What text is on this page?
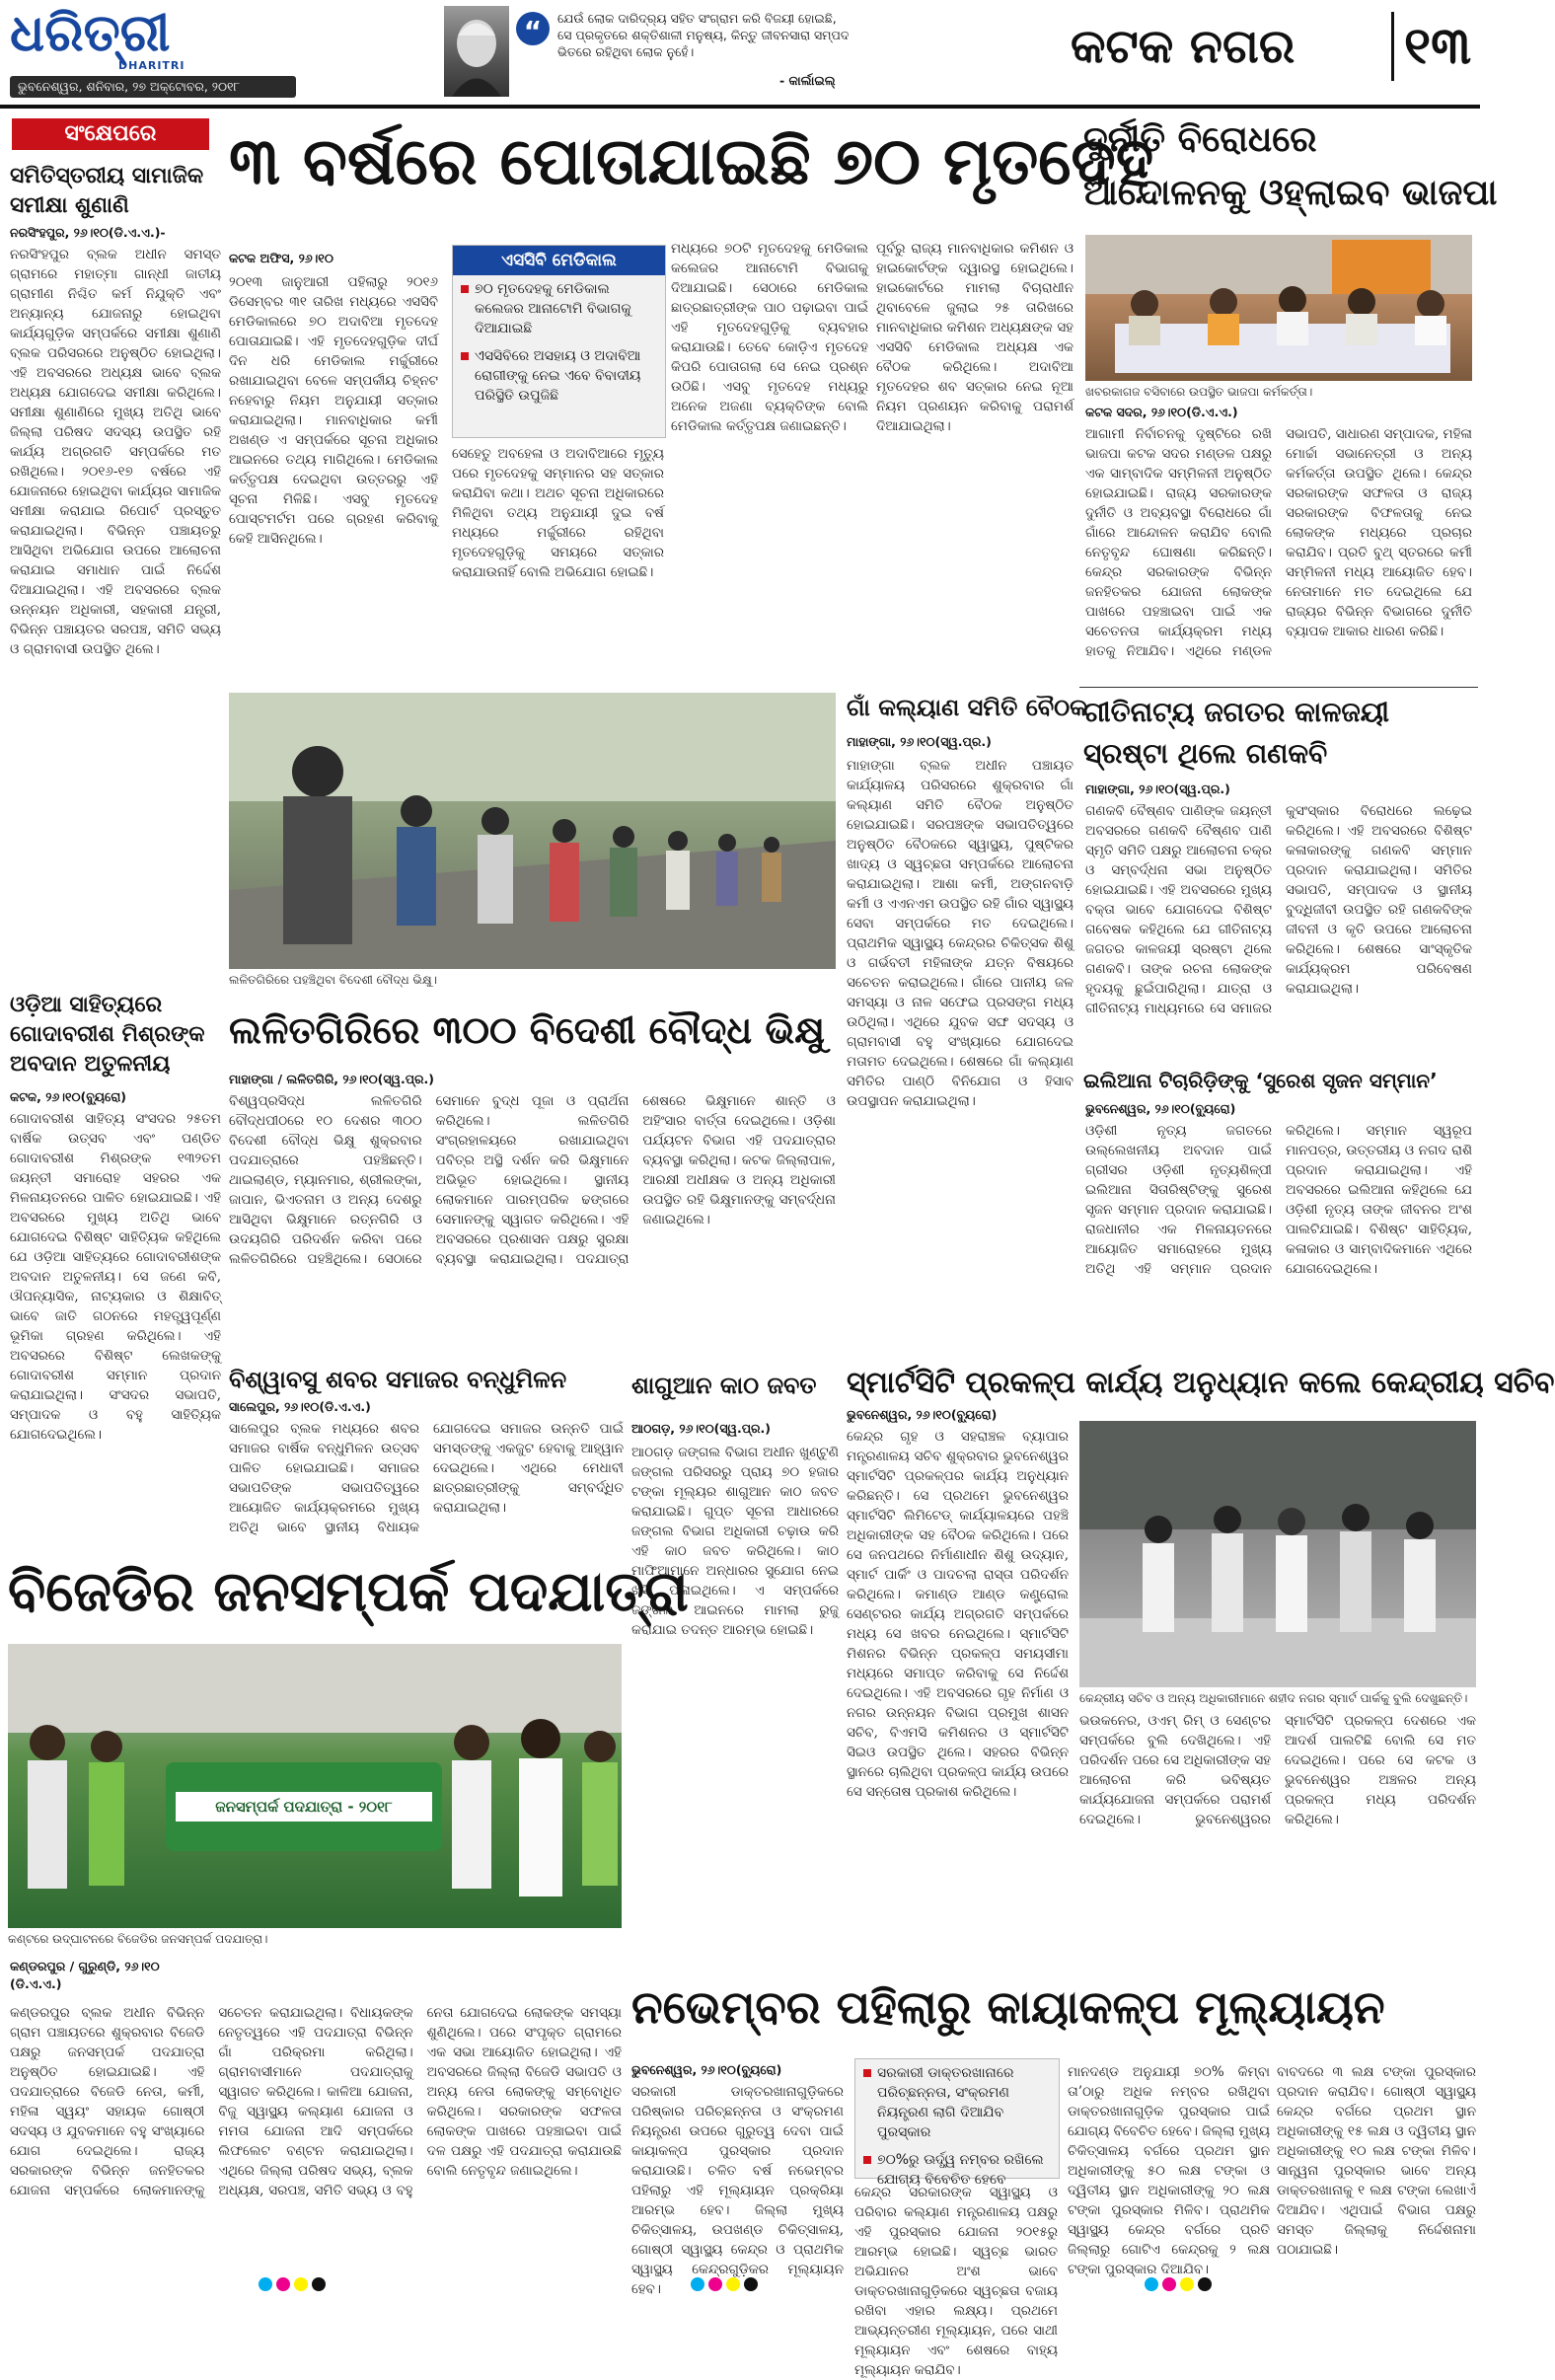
ଧରିତ୍ରୀ
DHARITRI
ଭୁବନେଶ୍ୱର, ଶନିବାର, ୨୭ ଅକ୍ଟୋବର, ୨୦୧୮
“	ଯେଉଁ ଲୋକ ଦାରିଦ୍ର୍ୟ ସହିତ ସଂଗ୍ରାମ କରି ବିଜୟୀ ହୋଇଛି, ସେ ପ୍ରକୃତରେ ଶକ୍ତିଶାଳୀ ମନୁଷ୍ୟ, କିନ୍ତୁ ଜୀବନସାରା ସମ୍ପଦ ଭିତରେ ରହିଥିବା ଲୋକ ନୁହେଁ।
- କାର୍ଲାଇଲ୍
କଟକ ନଗର ୧୩
ସଂକ୍ଷେପରେ
ସମିତିସ୍ତରୀୟ ସାମାଜିକ ସମୀକ୍ଷା ଶୁଣାଣି
ନରସିଂହପୁର, ୨୬।୧୦(ଡି.ଏ.ଏ.)-
ନରସିଂହପୁର ବ୍ଲକ ଅଧୀନ ସମସ୍ତ ଗ୍ରାମରେ ମହାତ୍ମା ଗାନ୍ଧୀ ଜାତୀୟ ଗ୍ରାମୀଣ ନିଶ୍ଚିତ କର୍ମ ନିଯୁକ୍ତି ଏବଂ ଅନ୍ୟାନ୍ୟ ଯୋଜନାରୁ ହୋଇଥିବା କାର୍ଯ୍ୟଗୁଡ଼ିକ ସମ୍ପର୍କରେ ସମୀକ୍ଷା ଶୁଣାଣି ବ୍ଲକ ପରିସରରେ ଅନୁଷ୍ଠିତ ହୋଇଥିଲା। ଏହି ଅବସରରେ ଅଧ୍ୟକ୍ଷ ଭାବେ ବ୍ଲକ ଅଧ୍ୟକ୍ଷ ଯୋଗଦେଇ ସମୀକ୍ଷା କରିଥିଲେ। ସମୀକ୍ଷା ଶୁଣାଣିରେ ମୁଖ୍ୟ ଅତିଥି ଭାବେ ଜିଲ୍ଲା ପରିଷଦ ସଦସ୍ୟ ଉପସ୍ଥିତ ରହି କାର୍ଯ୍ୟ ଅଗ୍ରଗତି ସମ୍ପର୍କରେ ମତ ରଖିଥିଲେ। ୨୦୧୬-୧୭ ବର୍ଷରେ ଏହି ଯୋଜନାରେ ହୋଇଥିବା କାର୍ଯ୍ୟର ସାମାଜିକ ସମୀକ୍ଷା କରାଯାଇ ରିପୋର୍ଟ ପ୍ରସ୍ତୁତ କରାଯାଇଥିଲା। ବିଭିନ୍ନ ପଞ୍ଚାୟତରୁ ଆସିଥିବା ଅଭିଯୋଗ ଉପରେ ଆଲୋଚନା କରାଯାଇ ସମାଧାନ ପାଇଁ ନିର୍ଦ୍ଦେଶ ଦିଆଯାଇଥିଲା। ଏହି ଅବସରରେ ବ୍ଲକ ଉନ୍ନୟନ ଅଧିକାରୀ, ସହକାରୀ ଯନ୍ତ୍ରୀ, ବିଭିନ୍ନ ପଞ୍ଚାୟତର ସରପଞ୍ଚ, ସମିତି ସଭ୍ୟ ଓ ଗ୍ରାମବାସୀ ଉପସ୍ଥିତ ଥିଲେ।
୩ ବର୍ଷରେ ପୋତାଯାଇଛି ୭୦ ମୃତଦେହ
କଟକ ଅଫିସ, ୨୬।୧୦
୨୦୧୩ ଜାନୁଆରୀ ପହିଲାରୁ ୨୦୧୬ ଡିସେମ୍ବର ୩୧ ତାରିଖ ମଧ୍ୟରେ ଏସସିବି ମେଡିକାଲରେ ୭୦ ଅଦାବିଆ ମୃତଦେହ ପୋତାଯାଇଛି। ଏହି ମୃତଦେହଗୁଡ଼ିକ ଦୀର୍ଘ ଦିନ ଧରି ମେଡିକାଲ ମର୍ଚ୍ଚୁରୀରେ ରଖାଯାଇଥିବା ବେଳେ ସମ୍ପର୍କୀୟ ଚିହ୍ନଟ ନହେବାରୁ ନିୟମ ଅନୁଯାୟୀ ସତ୍କାର କରାଯାଇଥିଲା। ମାନବାଧିକାର କର୍ମୀ ଅଖଣ୍ଡ ଏ ସମ୍ପର୍କରେ ସୂଚନା ଅଧିକାର ଆଇନରେ ତଥ୍ୟ ମାଗିଥିଲେ। ମେଡିକାଲ କର୍ତ୍ତୃପକ୍ଷ ଦେଇଥିବା ଉତ୍ତରରୁ ଏହି ସୂଚନା ମିଳିଛି। ଏସବୁ ମୃତଦେହ ପୋସ୍ଟମର୍ଟମ ପରେ ଗ୍ରହଣ କରିବାକୁ କେହି ଆସିନଥିଲେ।
ଏସସିବି ମେଡିକାଲ
୭୦ ମୃତଦେହକୁ ମେଡିକାଲ କଲେଜର ଆନାଟୋମି ବିଭାଗକୁ ଦିଆଯାଇଛି
ଏସସିବିରେ ଅସହାୟ ଓ ଅଦାବିଆ ରୋଗୀଙ୍କୁ ନେଇ ଏବେ ବିବାଦୀୟ ପରିସ୍ଥିତି ଉପୁଜିଛି
ସେହେତୁ ଅବହେଳା ଓ ଅଦାବିଆରେ ମୃତ୍ୟୁ ପରେ ମୃତଦେହକୁ ସମ୍ମାନର ସହ ସତ୍କାର କରାଯିବା କଥା। ଅଥଚ ସୂଚନା ଅଧିକାରରେ ମିଳିଥିବା ତଥ୍ୟ ଅନୁଯାୟୀ ଦୁଇ ବର୍ଷ ମଧ୍ୟରେ ମର୍ଚ୍ଚୁରୀରେ ରହିଥିବା ମୃତଦେହଗୁଡ଼ିକୁ ସମୟରେ ସତ୍କାର କରାଯାଉନାହିଁ ବୋଲି ଅଭିଯୋଗ ହୋଇଛି।
ମଧ୍ୟରେ ୭୦ଟି ମୃତଦେହକୁ ମେଡିକାଲ କଲେଜର ଆନାଟୋମି ବିଭାଗକୁ ଦିଆଯାଇଛି। ସେଠାରେ ମେଡିକାଲ ଛାତ୍ରଛାତ୍ରୀଙ୍କ ପାଠ ପଢ଼ାଇବା ପାଇଁ ଏହି ମୃତଦେହଗୁଡ଼ିକୁ ବ୍ୟବହାର କରାଯାଉଛି। ତେବେ କୋଡ଼ିଏ ମୃତଦେହ କିପରି ପୋତାଗଲା ସେ ନେଇ ପ୍ରଶ୍ନ ଉଠିଛି। ଏସବୁ ମୃତଦେହ ମଧ୍ୟରୁ ଅନେକ ଅଜଣା ବ୍ୟକ୍ତିଙ୍କ ବୋଲି ମେଡିକାଲ କର୍ତ୍ତୃପକ୍ଷ ଜଣାଇଛନ୍ତି।
ପୂର୍ବରୁ ରାଜ୍ୟ ମାନବାଧିକାର କମିଶନ ଓ ହାଇକୋର୍ଟଙ୍କ ଦ୍ୱାରସ୍ଥ ହୋଇଥିଲେ। ହାଇକୋର୍ଟରେ ମାମଲା ବିଚାରାଧୀନ ଥିବାବେଳେ ଜୁଲାଇ ୨୫ ତାରିଖରେ ମାନବାଧିକାର କମିଶନ ଅଧ୍ୟକ୍ଷଙ୍କ ସହ ଏସସିବି ମେଡିକାଲ ଅଧ୍ୟକ୍ଷ ଏକ ବୈଠକ କରିଥିଲେ। ଅଦାବିଆ ମୃତଦେହର ଶବ ସତ୍କାର ନେଇ ନୂଆ ନିୟମ ପ୍ରଣୟନ କରିବାକୁ ପରାମର୍ଶ ଦିଆଯାଇଥିଲା।
ଦୁର୍ନୀତି ବିରୋଧରେ
ଆନ୍ଦୋଳନକୁ ଓହ୍ଲାଇବ ଭାଜପା
ଖବରକାଗଜ ବସିବାରେ ଉପସ୍ଥିତ ଭାଜପା କର୍ମକର୍ତ୍ତା।
କଟକ ସଦର, ୨୬।୧୦(ଡି.ଏ.ଏ.)
ଆଗାମୀ ନିର୍ବାଚନକୁ ଦୃଷ୍ଟିରେ ରଖି ଭାଜପା କଟକ ସଦର ମଣ୍ଡଳ ପକ୍ଷରୁ ଏକ ସାମ୍ବାଦିକ ସମ୍ମିଳନୀ ଅନୁଷ୍ଠିତ ହୋଇଯାଇଛି। ରାଜ୍ୟ ସରକାରଙ୍କ ଦୁର୍ନୀତି ଓ ଅବ୍ୟବସ୍ଥା ବିରୋଧରେ ଗାଁ ଗାଁରେ ଆନ୍ଦୋଳନ କରାଯିବ ବୋଲି ନେତୃବୃନ୍ଦ ଘୋଷଣା କରିଛନ୍ତି। କେନ୍ଦ୍ର ସରକାରଙ୍କ ବିଭିନ୍ନ ଜନହିତକର ଯୋଜନା ଲୋକଙ୍କ ପାଖରେ ପହଞ୍ଚାଇବା ପାଇଁ ଏକ ସଚେତନତା କାର୍ଯ୍ୟକ୍ରମ ମଧ୍ୟ ହାତକୁ ନିଆଯିବ। ଏଥିରେ ମଣ୍ଡଳ ସଭାପତି, ସାଧାରଣ ସମ୍ପାଦକ, ମହିଳା ମୋର୍ଚ୍ଚା ସଭାନେତ୍ରୀ ଓ ଅନ୍ୟ କର୍ମକର୍ତ୍ତା ଉପସ୍ଥିତ ଥିଲେ। କେନ୍ଦ୍ର ସରକାରଙ୍କ ସଫଳତା ଓ ରାଜ୍ୟ ସରକାରଙ୍କ ବିଫଳତାକୁ ନେଇ ଲୋକଙ୍କ ମଧ୍ୟରେ ପ୍ରଚାର କରାଯିବ। ପ୍ରତି ବୁଥ୍ ସ୍ତରରେ କର୍ମୀ ସମ୍ମିଳନୀ ମଧ୍ୟ ଆୟୋଜିତ ହେବ। ନେତାମାନେ ମତ ଦେଇଥିଲେ ଯେ ରାଜ୍ୟର ବିଭିନ୍ନ ବିଭାଗରେ ଦୁର୍ନୀତି ବ୍ୟାପକ ଆକାର ଧାରଣ କରିଛି।
ଲଳିତଗିରିରେ ପହଞ୍ଚିଥିବା ବିଦେଶୀ ବୌଦ୍ଧ ଭିକ୍ଷୁ।
ଗାଁ କଲ୍ୟାଣ ସମିତି ବୈଠକ
ମାହାଙ୍ଗା, ୨୬।୧୦(ସ୍ୱ.ପ୍ର.)
ମାହାଙ୍ଗା ବ୍ଲକ ଅଧୀନ ପଞ୍ଚାୟତ କାର୍ଯ୍ୟାଳୟ ପରିସରରେ ଶୁକ୍ରବାର ଗାଁ କଲ୍ୟାଣ ସମିତି ବୈଠକ ଅନୁଷ୍ଠିତ ହୋଇଯାଇଛି। ସରପଞ୍ଚଙ୍କ ସଭାପତିତ୍ୱରେ ଅନୁଷ୍ଠିତ ବୈଠକରେ ସ୍ୱାସ୍ଥ୍ୟ, ପୁଷ୍ଟିକର ଖାଦ୍ୟ ଓ ସ୍ୱଚ୍ଛତା ସମ୍ପର୍କରେ ଆଲୋଚନା କରାଯାଇଥିଲା। ଆଶା କର୍ମୀ, ଅଙ୍ଗନବାଡ଼ି କର୍ମୀ ଓ ଏଏନଏମ ଉପସ୍ଥିତ ରହି ଗାଁର ସ୍ୱାସ୍ଥ୍ୟ ସେବା ସମ୍ପର୍କରେ ମତ ଦେଇଥିଲେ। ପ୍ରାଥମିକ ସ୍ୱାସ୍ଥ୍ୟ କେନ୍ଦ୍ରର ଚିକିତ୍ସକ ଶିଶୁ ଓ ଗର୍ଭବତୀ ମହିଳାଙ୍କ ଯତ୍ନ ବିଷୟରେ ସଚେତନ କରାଇଥିଲେ। ଗାଁରେ ପାନୀୟ ଜଳ ସମସ୍ୟା ଓ ନାଳ ସଫେଇ ପ୍ରସଙ୍ଗ ମଧ୍ୟ ଉଠିଥିଲା। ଏଥିରେ ଯୁବକ ସଙ୍ଘ ସଦସ୍ୟ ଓ ଗ୍ରାମବାସୀ ବହୁ ସଂଖ୍ୟାରେ ଯୋଗଦେଇ ମତାମତ ଦେଇଥିଲେ। ଶେଷରେ ଗାଁ କଲ୍ୟାଣ ସମିତିର ପାଣ୍ଠି ବିନିଯୋଗ ଓ ହିସାବ ଉପସ୍ଥାପନ କରାଯାଇଥିଲା।
ଗୀତିନାଟ୍ୟ ଜଗତର କାଳଜୟୀ
ସ୍ରଷ୍ଟା ଥିଲେ ଗଣକବି
ମାହାଙ୍ଗା, ୨୬।୧୦(ସ୍ୱ.ପ୍ର.)
ଗଣକବି ବୈଷ୍ଣବ ପାଣିଙ୍କ ଜୟନ୍ତୀ ଅବସରରେ ଗଣକବି ବୈଷ୍ଣବ ପାଣି ସ୍ମୃତି ସମିତି ପକ୍ଷରୁ ଆଲୋଚନା ଚକ୍ର ଓ ସମ୍ବର୍ଦ୍ଧନା ସଭା ଅନୁଷ୍ଠିତ ହୋଇଯାଇଛି। ଏହି ଅବସରରେ ମୁଖ୍ୟ ବକ୍ତା ଭାବେ ଯୋଗଦେଇ ବିଶିଷ୍ଟ ଗବେଷକ କହିଥିଲେ ଯେ ଗୀତିନାଟ୍ୟ ଜଗତର କାଳଜୟୀ ସ୍ରଷ୍ଟା ଥିଲେ ଗଣକବି। ତାଙ୍କ ରଚନା ଲୋକଙ୍କ ହୃଦୟକୁ ଛୁଇଁପାରିଥିଲା। ଯାତ୍ରା ଓ ଗୀତିନାଟ୍ୟ ମାଧ୍ୟମରେ ସେ ସମାଜର କୁସଂସ୍କାର ବିରୋଧରେ ଲଢ଼େଇ କରିଥିଲେ। ଏହି ଅବସରରେ ବିଶିଷ୍ଟ କଳାକାରଙ୍କୁ ଗଣକବି ସମ୍ମାନ ପ୍ରଦାନ କରାଯାଇଥିଲା। ସମିତିର ସଭାପତି, ସମ୍ପାଦକ ଓ ସ୍ଥାନୀୟ ବୁଦ୍ଧିଜୀବୀ ଉପସ୍ଥିତ ରହି ଗଣକବିଙ୍କ ଜୀବନୀ ଓ କୃତି ଉପରେ ଆଲୋଚନା କରିଥିଲେ। ଶେଷରେ ସାଂସ୍କୃତିକ କାର୍ଯ୍ୟକ୍ରମ ପରିବେଷଣ କରାଯାଇଥିଲା।
ଇଲିଆନା ଟିଚାରିଡ଼ିଙ୍କୁ ‘ସୁରେଶ ସୃଜନ ସମ୍ମାନ’
ଭୁବନେଶ୍ୱର, ୨୬।୧୦(ବ୍ୟୁରୋ)
ଓଡ଼ିଶୀ ନୃତ୍ୟ ଜଗତରେ ଉଲ୍ଲେଖନୀୟ ଅବଦାନ ପାଇଁ ଗ୍ରୀସର ଓଡ଼ିଶୀ ନୃତ୍ୟଶିଳ୍ପୀ ଇଲିଆନା ସିତାରିଷ୍ଟିଙ୍କୁ ସୁରେଶ ସୃଜନ ସମ୍ମାନ ପ୍ରଦାନ କରାଯାଇଛି। ରାଜଧାନୀର ଏକ ମିଳନାୟତନରେ ଆୟୋଜିତ ସମାରୋହରେ ମୁଖ୍ୟ ଅତିଥି ଏହି ସମ୍ମାନ ପ୍ରଦାନ କରିଥିଲେ। ସମ୍ମାନ ସ୍ୱରୂପ ମାନପତ୍ର, ଉତ୍ତରୀୟ ଓ ନଗଦ ରାଶି ପ୍ରଦାନ କରାଯାଇଥିଲା। ଏହି ଅବସରରେ ଇଲିଆନା କହିଥିଲେ ଯେ ଓଡ଼ିଶୀ ନୃତ୍ୟ ତାଙ୍କ ଜୀବନର ଅଂଶ ପାଲଟିଯାଇଛି। ବିଶିଷ୍ଟ ସାହିତ୍ୟିକ, କଳାକାର ଓ ସାମ୍ବାଦିକମାନେ ଏଥିରେ ଯୋଗଦେଇଥିଲେ।
ଓଡ଼ିଆ ସାହିତ୍ୟରେ ଗୋଦାବରୀଶ ମିଶ୍ରଙ୍କ ଅବଦାନ ଅତୁଳନୀୟ
କଟକ, ୨୬।୧୦(ବ୍ୟୁରୋ)
ଗୋଦାବରୀଶ ସାହିତ୍ୟ ସଂସଦର ୨୫ତମ ବାର୍ଷିକ ଉତ୍ସବ ଏବଂ ପଣ୍ଡିତ ଗୋଦାବରୀଶ ମିଶ୍ରଙ୍କ ୧୩୨ତମ ଜୟନ୍ତୀ ସମାରୋହ ସହରର ଏକ ମିଳନାୟତନରେ ପାଳିତ ହୋଇଯାଇଛି। ଏହି ଅବସରରେ ମୁଖ୍ୟ ଅତିଥି ଭାବେ ଯୋଗଦେଇ ବିଶିଷ୍ଟ ସାହିତ୍ୟିକ କହିଥିଲେ ଯେ ଓଡ଼ିଆ ସାହିତ୍ୟରେ ଗୋଦାବରୀଶଙ୍କ ଅବଦାନ ଅତୁଳନୀୟ। ସେ ଜଣେ କବି, ଔପନ୍ୟାସିକ, ନାଟ୍ୟକାର ଓ ଶିକ୍ଷାବିତ୍ ଭାବେ ଜାତି ଗଠନରେ ମହତ୍ତ୍ୱପୂର୍ଣ୍ଣ ଭୂମିକା ଗ୍ରହଣ କରିଥିଲେ। ଏହି ଅବସରରେ ବିଶିଷ୍ଟ ଲେଖକଙ୍କୁ ଗୋଦାବରୀଶ ସମ୍ମାନ ପ୍ରଦାନ କରାଯାଇଥିଲା। ସଂସଦର ସଭାପତି, ସମ୍ପାଦକ ଓ ବହୁ ସାହିତ୍ୟିକ ଯୋଗଦେଇଥିଲେ।
ଲଳିତଗିରିରେ ୩୦୦ ବିଦେଶୀ ବୌଦ୍ଧ ଭିକ୍ଷୁ
ମାହାଙ୍ଗା / ଲଳିତଗିରି, ୨୬।୧୦(ସ୍ୱ.ପ୍ର.)
ବିଶ୍ୱପ୍ରସିଦ୍ଧ ଲଳିତଗିରି ବୌଦ୍ଧପୀଠରେ ୧୦ ଦେଶର ୩୦୦ ବିଦେଶୀ ବୌଦ୍ଧ ଭିକ୍ଷୁ ଶୁକ୍ରବାର ପଦଯାତ୍ରାରେ ପହଞ୍ଚିଛନ୍ତି। ଥାଇଲାଣ୍ଡ, ମ୍ୟାନମାର, ଶ୍ରୀଲଙ୍କା, ଜାପାନ, ଭିଏତନାମ ଓ ଅନ୍ୟ ଦେଶରୁ ଆସିଥିବା ଭିକ୍ଷୁମାନେ ରତ୍ନଗିରି ଓ ଉଦୟଗିରି ପରିଦର୍ଶନ କରିବା ପରେ ଲଳିତଗିରିରେ ପହଞ୍ଚିଥିଲେ। ସେଠାରେ ସେମାନେ ବୁଦ୍ଧ ପୂଜା ଓ ପ୍ରାର୍ଥନା କରିଥିଲେ। ଲଳିତଗିରି ସଂଗ୍ରହାଳୟରେ ରଖାଯାଇଥିବା ପବିତ୍ର ଅସ୍ଥି ଦର୍ଶନ କରି ଭିକ୍ଷୁମାନେ ଅଭିଭୂତ ହୋଇଥିଲେ। ସ୍ଥାନୀୟ ଲୋକମାନେ ପାରମ୍ପରିକ ଢଙ୍ଗରେ ସେମାନଙ୍କୁ ସ୍ୱାଗତ କରିଥିଲେ। ଏହି ଅବସରରେ ପ୍ରଶାସନ ପକ୍ଷରୁ ସୁରକ୍ଷା ବ୍ୟବସ୍ଥା କରାଯାଇଥିଲା। ପଦଯାତ୍ରା ଶେଷରେ ଭିକ୍ଷୁମାନେ ଶାନ୍ତି ଓ ଅହିଂସାର ବାର୍ତ୍ତା ଦେଇଥିଲେ। ଓଡ଼ିଶା ପର୍ଯ୍ୟଟନ ବିଭାଗ ଏହି ପଦଯାତ୍ରାର ବ୍ୟବସ୍ଥା କରିଥିଲା। କଟକ ଜିଲ୍ଲାପାଳ, ଆରକ୍ଷୀ ଅଧୀକ୍ଷକ ଓ ଅନ୍ୟ ଅଧିକାରୀ ଉପସ୍ଥିତ ରହି ଭିକ୍ଷୁମାନଙ୍କୁ ସମ୍ବର୍ଦ୍ଧନା ଜଣାଇଥିଲେ।
ସ୍ମାର୍ଟସିଟି ପ୍ରକଳ୍ପ କାର୍ଯ୍ୟ ଅନୁଧ୍ୟାନ କଲେ କେନ୍ଦ୍ରୀୟ ସଚିବ
ଭୁବନେଶ୍ୱର, ୨୬।୧୦(ବ୍ୟୁରୋ)
କେନ୍ଦ୍ର ଗୃହ ଓ ସହରାଞ୍ଚଳ ବ୍ୟାପାର ମନ୍ତ୍ରଣାଳୟ ସଚିବ ଶୁକ୍ରବାର ଭୁବନେଶ୍ୱର ସ୍ମାର୍ଟସିଟି ପ୍ରକଳ୍ପର କାର୍ଯ୍ୟ ଅନୁଧ୍ୟାନ କରିଛନ୍ତି। ସେ ପ୍ରଥମେ ଭୁବନେଶ୍ୱର ସ୍ମାର୍ଟସିଟି ଲିମିଟେଡ୍ କାର୍ଯ୍ୟାଳୟରେ ପହଞ୍ଚି ଅଧିକାରୀଙ୍କ ସହ ବୈଠକ କରିଥିଲେ। ପରେ ସେ ଜନପଥରେ ନିର୍ମାଣାଧୀନ ଶିଶୁ ଉଦ୍ୟାନ, ସ୍ମାର୍ଟ ପାର୍କିଂ ଓ ପାଦଚଲା ରାସ୍ତା ପରିଦର୍ଶନ କରିଥିଲେ। କମାଣ୍ଡ ଆଣ୍ଡ କଣ୍ଟ୍ରୋଲ ସେଣ୍ଟରର କାର୍ଯ୍ୟ ଅଗ୍ରଗତି ସମ୍ପର୍କରେ ମଧ୍ୟ ସେ ଖବର ନେଇଥିଲେ। ସ୍ମାର୍ଟସିଟି ମିଶନର ବିଭିନ୍ନ ପ୍ରକଳ୍ପ ସମୟସୀମା ମଧ୍ୟରେ ସମାପ୍ତ କରିବାକୁ ସେ ନିର୍ଦ୍ଦେଶ ଦେଇଥିଲେ। ଏହି ଅବସରରେ ଗୃହ ନିର୍ମାଣ ଓ ନଗର ଉନ୍ନୟନ ବିଭାଗ ପ୍ରମୁଖ ଶାସନ ସଚିବ, ବିଏମସି କମିଶନର ଓ ସ୍ମାର୍ଟସିଟି ସିଇଓ ଉପସ୍ଥିତ ଥିଲେ। ସହରର ବିଭିନ୍ନ ସ୍ଥାନରେ ଚାଲିଥିବା ପ୍ରକଳ୍ପ କାର୍ଯ୍ୟ ଉପରେ ସେ ସନ୍ତୋଷ ପ୍ରକାଶ କରିଥିଲେ।
କେନ୍ଦ୍ରୀୟ ସଚିବ ଓ ଅନ୍ୟ ଅଧିକାରୀମାନେ ଶହୀଦ ନଗର ସ୍ମାର୍ଟ ପାର୍କକୁ ବୁଲି ଦେଖୁଛନ୍ତି।
ଭଉକନେର, ଓଏମ୍ ରିମ୍ ଓ ସେଣ୍ଟର ସମ୍ପର୍କରେ ବୁଲି ଦେଖିଥିଲେ। ଏହି ପରିଦର୍ଶନ ପରେ ସେ ଅଧିକାରୀଙ୍କ ସହ ଆଲୋଚନା କରି ଭବିଷ୍ୟତ କାର୍ଯ୍ୟଯୋଜନା ସମ୍ପର୍କରେ ପରାମର୍ଶ ଦେଇଥିଲେ। ଭୁବନେଶ୍ୱରର ସ୍ମାର୍ଟସିଟି ପ୍ରକଳ୍ପ ଦେଶରେ ଏକ ଆଦର୍ଶ ପାଲଟିଛି ବୋଲି ସେ ମତ ଦେଇଥିଲେ। ପରେ ସେ କଟକ ଓ ଭୁବନେଶ୍ୱର ଅଞ୍ଚଳର ଅନ୍ୟ ପ୍ରକଳ୍ପ ମଧ୍ୟ ପରିଦର୍ଶନ କରିଥିଲେ।
ବିଶ୍ୱାବସୁ ଶବର ସମାଜର ବନ୍ଧୁମିଳନ
ସାଲେପୁର, ୨୬।୧୦(ଡି.ଏ.ଏ.)
ସାଲେପୁର ବ୍ଲକ ମଧ୍ୟରେ ଶବର ସମାଜର ବାର୍ଷିକ ବନ୍ଧୁମିଳନ ଉତ୍ସବ ପାଳିତ ହୋଇଯାଇଛି। ସମାଜର ସଭାପତିଙ୍କ ସଭାପତିତ୍ୱରେ ଆୟୋଜିତ କାର୍ଯ୍ୟକ୍ରମରେ ମୁଖ୍ୟ ଅତିଥି ଭାବେ ସ୍ଥାନୀୟ ବିଧାୟକ ଯୋଗଦେଇ ସମାଜର ଉନ୍ନତି ପାଇଁ ସମସ୍ତଙ୍କୁ ଏକଜୁଟ ହେବାକୁ ଆହ୍ୱାନ ଦେଇଥିଲେ। ଏଥିରେ ମେଧାବୀ ଛାତ୍ରଛାତ୍ରୀଙ୍କୁ ସମ୍ବର୍ଦ୍ଧିତ କରାଯାଇଥିଲା।
ଶାଗୁଆନ କାଠ ଜବତ
ଆଠଗଡ଼, ୨୬।୧୦(ସ୍ୱ.ପ୍ର.)
ଆଠଗଡ଼ ଜଙ୍ଗଲ ବିଭାଗ ଅଧୀନ ଖୁଣ୍ଟୁଣି ଜଙ୍ଗଲ ପରିସରରୁ ପ୍ରାୟ ୭୦ ହଜାର ଟଙ୍କା ମୂଲ୍ୟର ଶାଗୁଆନ କାଠ ଜବତ କରାଯାଇଛି। ଗୁପ୍ତ ସୂଚନା ଆଧାରରେ ଜଙ୍ଗଲ ବିଭାଗ ଅଧିକାରୀ ଚଢ଼ାଉ କରି ଏହି କାଠ ଜବତ କରିଥିଲେ। କାଠ ମାଫିଆମାନେ ଅନ୍ଧାରର ସୁଯୋଗ ନେଇ ଖସି ପଳାଇଥିଲେ। ଏ ସମ୍ପର୍କରେ ଜଙ୍ଗଲ ଆଇନରେ ମାମଲା ରୁଜୁ କରାଯାଇ ତଦନ୍ତ ଆରମ୍ଭ ହୋଇଛି।
ବିଜେଡିର ଜନସମ୍ପର୍କ ପଦଯାତ୍ରା
ଜନସମ୍ପର୍କ ପଦଯାତ୍ରା - ୨୦୧୮
କଣ୍ଟରେ ଉଦ୍‌ଘାଟନରେ ବିଜେଡିର ଜନସମ୍ପର୍କ ପଦଯାତ୍ରା।
କଣ୍ଡରପୁର / ଗୁରୁଣ୍ଡି, ୨୬।୧୦ (ଡି.ଏ.ଏ.)
କଣ୍ଡରପୁର ବ୍ଲକ ଅଧୀନ ବିଭିନ୍ନ ଗ୍ରାମ ପଞ୍ଚାୟତରେ ଶୁକ୍ରବାର ବିଜେଡି ପକ୍ଷରୁ ଜନସମ୍ପର୍କ ପଦଯାତ୍ରା ଅନୁଷ୍ଠିତ ହୋଇଯାଇଛି। ଏହି ପଦଯାତ୍ରାରେ ବିଜେଡି ନେତା, କର୍ମୀ, ମହିଳା ସ୍ୱୟଂ ସହାୟକ ଗୋଷ୍ଠୀ ସଦସ୍ୟ ଓ ଯୁବକମାନେ ବହୁ ସଂଖ୍ୟାରେ ଯୋଗ ଦେଇଥିଲେ। ରାଜ୍ୟ ସରକାରଙ୍କ ବିଭିନ୍ନ ଜନହିତକର ଯୋଜନା ସମ୍ପର୍କରେ ଲୋକମାନଙ୍କୁ ସଚେତନ କରାଯାଇଥିଲା। ବିଧାୟକଙ୍କ ନେତୃତ୍ୱରେ ଏହି ପଦଯାତ୍ରା ବିଭିନ୍ନ ଗାଁ ପରିକ୍ରମା କରିଥିଲା। ଗ୍ରାମବାସୀମାନେ ପଦଯାତ୍ରାକୁ ସ୍ୱାଗତ କରିଥିଲେ। କାଳିଆ ଯୋଜନା, ବିଜୁ ସ୍ୱାସ୍ଥ୍ୟ କଲ୍ୟାଣ ଯୋଜନା ଓ ମମତା ଯୋଜନା ଆଦି ସମ୍ପର୍କରେ ଲିଫଲେଟ ବଣ୍ଟନ କରାଯାଇଥିଲା। ଏଥିରେ ଜିଲ୍ଲା ପରିଷଦ ସଭ୍ୟ, ବ୍ଲକ ଅଧ୍ୟକ୍ଷ, ସରପଞ୍ଚ, ସମିତି ସଭ୍ୟ ଓ ବହୁ ନେତା ଯୋଗଦେଇ ଲୋକଙ୍କ ସମସ୍ୟା ଶୁଣିଥିଲେ। ପରେ ସଂପୃକ୍ତ ଗ୍ରାମରେ ଏକ ସଭା ଆୟୋଜିତ ହୋଇଥିଲା। ଏହି ଅବସରରେ ଜିଲ୍ଲା ବିଜେଡି ସଭାପତି ଓ ଅନ୍ୟ ନେତା ଲୋକଙ୍କୁ ସମ୍ବୋଧିତ କରିଥିଲେ। ସରକାରଙ୍କ ସଫଳତା ଲୋକଙ୍କ ପାଖରେ ପହଞ୍ଚାଇବା ପାଇଁ ଦଳ ପକ୍ଷରୁ ଏହି ପଦଯାତ୍ରା କରାଯାଉଛି ବୋଲି ନେତୃବୃନ୍ଦ ଜଣାଇଥିଲେ।
ନଭେମ୍ବର ପହିଲାରୁ କାୟାକଳ୍ପ ମୂଲ୍ୟାୟନ
ଭୁବନେଶ୍ୱର, ୨୬।୧୦(ବ୍ୟୁରୋ)
ସରକାରୀ ଡାକ୍ତରଖାନାଗୁଡ଼ିକରେ ପରିଷ୍କାର ପରିଚ୍ଛନ୍ନତା ଓ ସଂକ୍ରମଣ ନିୟନ୍ତ୍ରଣ ଉପରେ ଗୁରୁତ୍ୱ ଦେବା ପାଇଁ କାୟାକଳ୍ପ ପୁରସ୍କାର ପ୍ରଦାନ କରାଯାଉଛି। ଚଳିତ ବର୍ଷ ନଭେମ୍ବର ପହିଲାରୁ ଏହି ମୂଲ୍ୟାୟନ ପ୍ରକ୍ରିୟା ଆରମ୍ଭ ହେବ। ଜିଲ୍ଲା ମୁଖ୍ୟ ଚିକିତ୍ସାଳୟ, ଉପଖଣ୍ଡ ଚିକିତ୍ସାଳୟ, ଗୋଷ୍ଠୀ ସ୍ୱାସ୍ଥ୍ୟ କେନ୍ଦ୍ର ଓ ପ୍ରାଥମିକ ସ୍ୱାସ୍ଥ୍ୟ କେନ୍ଦ୍ରଗୁଡ଼ିକର ମୂଲ୍ୟାୟନ ହେବ।
ସରକାରୀ ଡାକ୍ତରଖାନାରେ ପରିଚ୍ଛନ୍ନତା, ସଂକ୍ରମଣ ନିୟନ୍ତ୍ରଣ ଲାଗି ଦିଆଯିବ ପୁରସ୍କାର
୭୦%ରୁ ଊର୍ଦ୍ଧ୍ୱ ନମ୍ବର ରଖିଲେ ଯୋଗ୍ୟ ବିବେଚିତ ହେବେ
କେନ୍ଦ୍ର ସରକାରଙ୍କ ସ୍ୱାସ୍ଥ୍ୟ ଓ ପରିବାର କଲ୍ୟାଣ ମନ୍ତ୍ରଣାଳୟ ପକ୍ଷରୁ ଏହି ପୁରସ୍କାର ଯୋଜନା ୨୦୧୫ରୁ ଆରମ୍ଭ ହୋଇଛି। ସ୍ୱଚ୍ଛ ଭାରତ ଅଭିଯାନର ଅଂଶ ଭାବେ ଡାକ୍ତରଖାନାଗୁଡ଼ିକରେ ସ୍ୱଚ୍ଛତା ବଜାୟ ରଖିବା ଏହାର ଲକ୍ଷ୍ୟ। ପ୍ରଥମେ ଆଭ୍ୟନ୍ତରୀଣ ମୂଲ୍ୟାୟନ, ପରେ ସାଥୀ ମୂଲ୍ୟାୟନ ଏବଂ ଶେଷରେ ବାହ୍ୟ ମୂଲ୍ୟାୟନ କରାଯିବ।
ମାନଦଣ୍ଡ ଅନୁଯାୟୀ ୭୦% କିମ୍ବା ତା’ଠାରୁ ଅଧିକ ନମ୍ବର ରଖିଥିବା ଡାକ୍ତରଖାନାଗୁଡ଼ିକ ପୁରସ୍କାର ପାଇଁ ଯୋଗ୍ୟ ବିବେଚିତ ହେବେ। ଜିଲ୍ଲା ମୁଖ୍ୟ ଚିକିତ୍ସାଳୟ ବର୍ଗରେ ପ୍ରଥମ ସ୍ଥାନ ଅଧିକାରୀଙ୍କୁ ୫୦ ଲକ୍ଷ ଟଙ୍କା ଓ ଦ୍ୱିତୀୟ ସ୍ଥାନ ଅଧିକାରୀଙ୍କୁ ୨୦ ଲକ୍ଷ ଟଙ୍କା ପୁରସ୍କାର ମିଳିବ। ପ୍ରାଥମିକ ସ୍ୱାସ୍ଥ୍ୟ କେନ୍ଦ୍ର ବର୍ଗରେ ପ୍ରତି ଜିଲ୍ଲାରୁ ଗୋଟିଏ କେନ୍ଦ୍ରକୁ ୨ ଲକ୍ଷ ଟଙ୍କା ପୁରସ୍କାର ଦିଆଯିବ।
ବାବଦରେ ୩ ଲକ୍ଷ ଟଙ୍କା ପୁରସ୍କାର ପ୍ରଦାନ କରାଯିବ। ଗୋଷ୍ଠୀ ସ୍ୱାସ୍ଥ୍ୟ କେନ୍ଦ୍ର ବର୍ଗରେ ପ୍ରଥମ ସ୍ଥାନ ଅଧିକାରୀଙ୍କୁ ୧୫ ଲକ୍ଷ ଓ ଦ୍ୱିତୀୟ ସ୍ଥାନ ଅଧିକାରୀଙ୍କୁ ୧୦ ଲକ୍ଷ ଟଙ୍କା ମିଳିବ। ସାନ୍ତ୍ୱନା ପୁରସ୍କାର ଭାବେ ଅନ୍ୟ ଡାକ୍ତରଖାନାକୁ ୧ ଲକ୍ଷ ଟଙ୍କା ଲେଖାଏଁ ଦିଆଯିବ। ଏଥିପାଇଁ ବିଭାଗ ପକ୍ଷରୁ ସମସ୍ତ ଜିଲ୍ଲାକୁ ନିର୍ଦ୍ଦେଶନାମା ପଠାଯାଇଛି।
